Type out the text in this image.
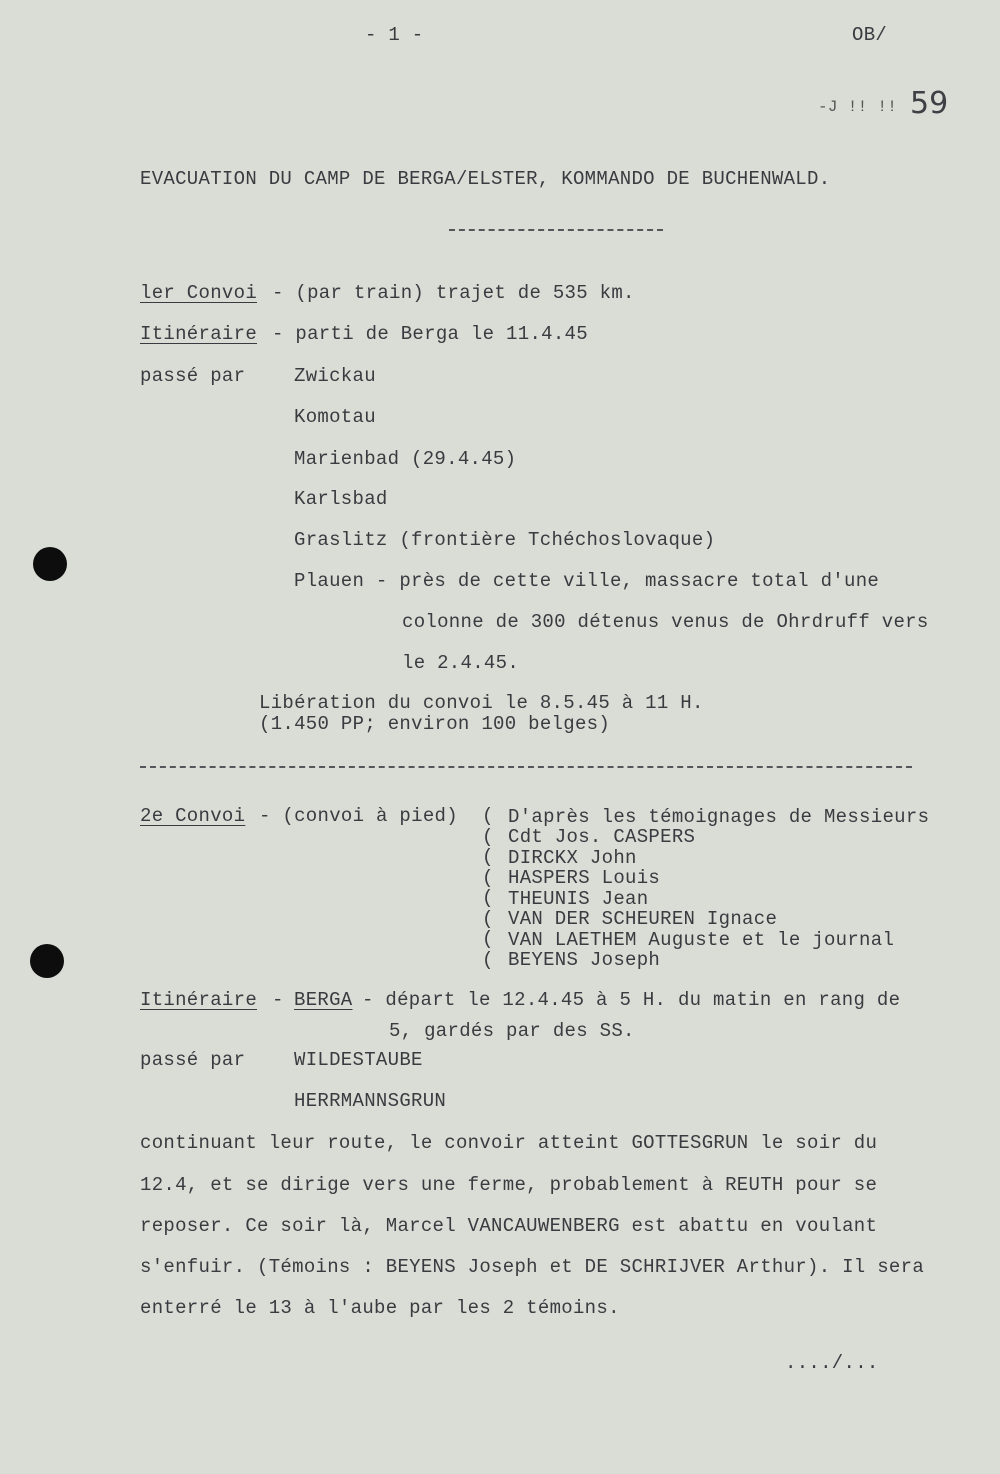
- 1 -	OB/
-J !! !! 59
EVACUATION DU CAMP DE BERGA/ELSTER, KOMMANDO DE BUCHENWALD.
ler Convoi - (par train) trajet de 535 km.
Itinéraire - parti de Berga le 11.4.45
passé par	Zwickau
Komotau
Marienbad (29.4.45)
Karlsbad
Graslitz (frontière Tchéchoslovaque)
Plauen - près de cette ville, massacre total d'une
colonne de 300 détenus venus de Ohrdruff vers
le 2.4.45.
Libération du convoi le 8.5.45 à 11 H.
(1.450 PP; environ 100 belges)
2e Convoi - (convoi à pied) (
(
(
(
(
(
(
(
D'après les témoignages de Messieurs
Cdt Jos. CASPERS
DIRCKX John
HASPERS Louis
THEUNIS Jean
VAN DER SCHEUREN Ignace
VAN LAETHEM Auguste et le journal
BEYENS Joseph
Itinéraire - BERGA - départ le 12.4.45 à 5 H. du matin en rang de
5, gardés par des SS.
passé par	WILDESTAUBE
HERRMANNSGRUN
continuant leur route, le convoir atteint GOTTESGRUN le soir du
12.4, et se dirige vers une ferme, probablement à REUTH pour se
reposer. Ce soir là, Marcel VANCAUWENBERG est abattu en voulant
s'enfuir. (Témoins : BEYENS Joseph et DE SCHRIJVER Arthur). Il sera
enterré le 13 à l'aube par les 2 témoins.
..../...
